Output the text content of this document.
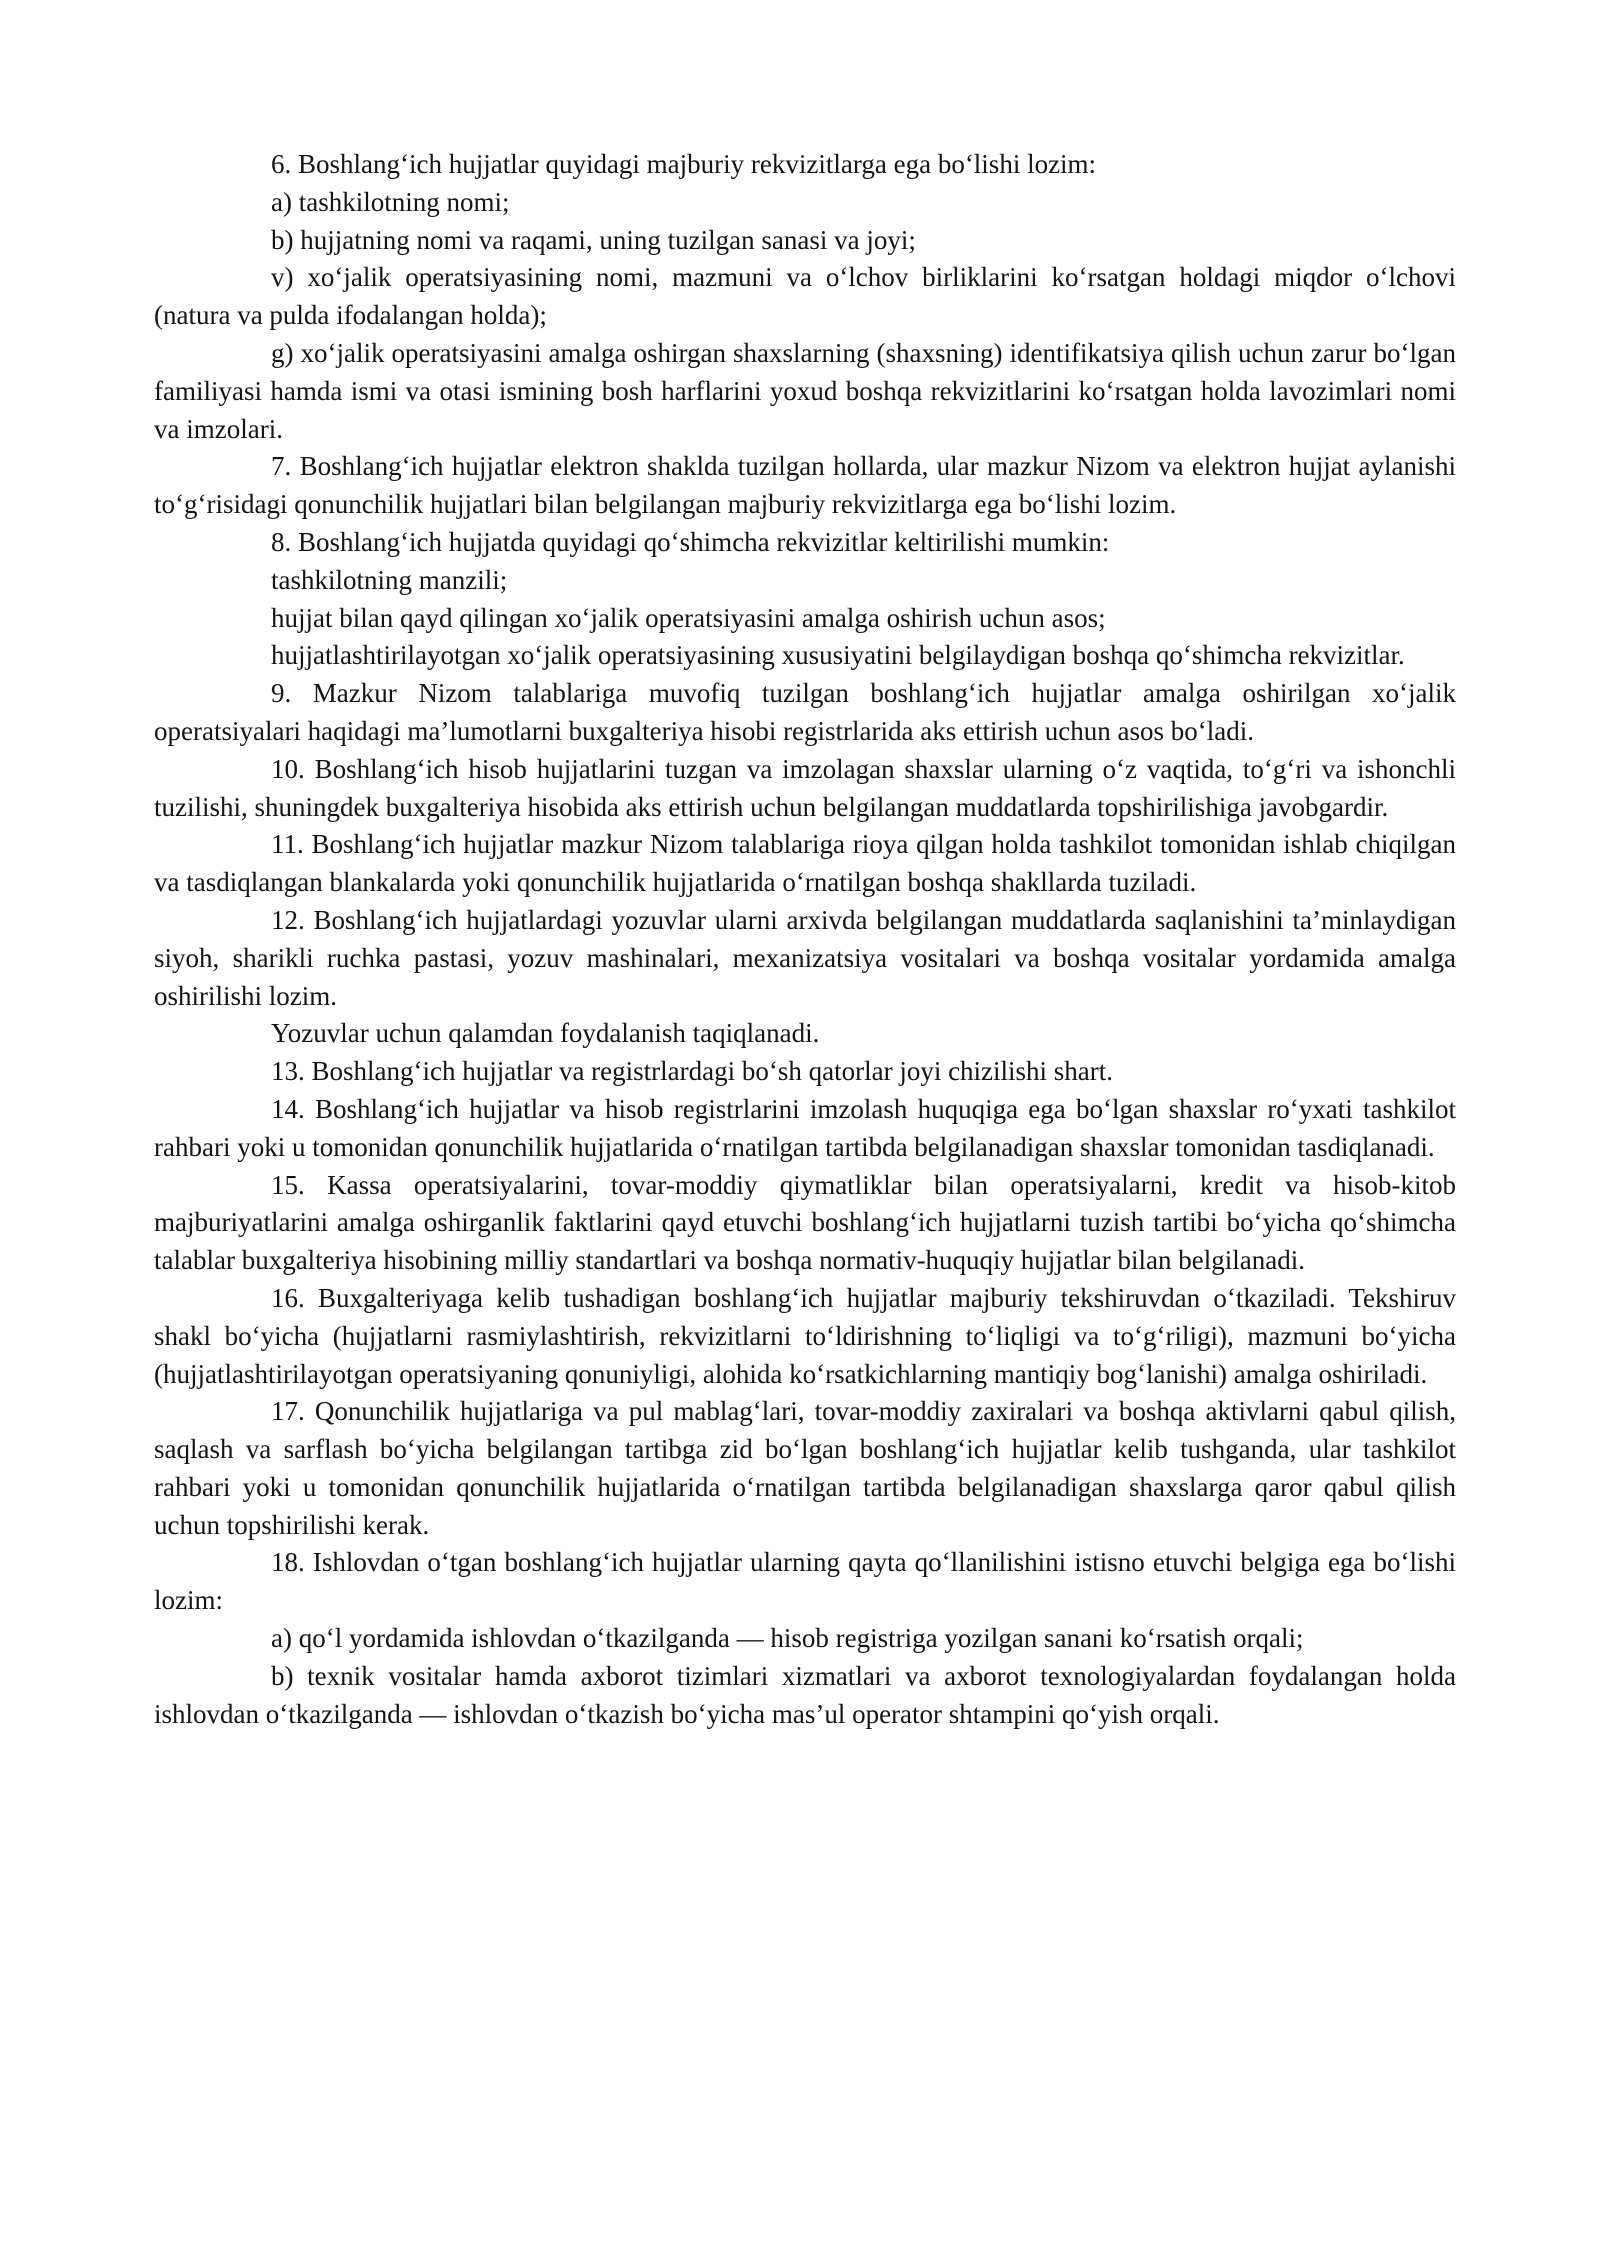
6. Boshlang‘ich hujjatlar quyidagi majburiy rekvizitlarga ega bo‘lishi lozim:

a) tashkilotning nomi;

b) hujjatning nomi va raqami, uning tuzilgan sanasi va joyi;

v) xo‘jalik operatsiyasining nomi, mazmuni va o‘lchov birliklarini ko‘rsatgan holdagi miqdor o‘lchovi (natura va pulda ifodalangan holda);

g) xo‘jalik operatsiyasini amalga oshirgan shaxslarning (shaxsning) identifikatsiya qilish uchun zarur bo‘lgan familiyasi hamda ismi va otasi ismining bosh harflarini yoxud boshqa rekvizitlarini ko‘rsatgan holda lavozimlari nomi va imzolari.

7. Boshlang‘ich hujjatlar elektron shaklda tuzilgan hollarda, ular mazkur Nizom va elektron hujjat aylanishi to‘g‘risidagi qonunchilik hujjatlari bilan belgilangan majburiy rekvizitlarga ega bo‘lishi lozim.

8. Boshlang‘ich hujjatda quyidagi qo‘shimcha rekvizitlar keltirilishi mumkin:

tashkilotning manzili;

hujjat bilan qayd qilingan xo‘jalik operatsiyasini amalga oshirish uchun asos;

hujjatlashtirilayotgan xo‘jalik operatsiyasining xususiyatini belgilaydigan boshqa qo‘shimcha rekvizitlar.

9. Mazkur Nizom talablariga muvofiq tuzilgan boshlang‘ich hujjatlar amalga oshirilgan xo‘jalik operatsiyalari haqidagi ma’lumotlarni buxgalteriya hisobi registrlarida aks ettirish uchun asos bo‘ladi.

10. Boshlang‘ich hisob hujjatlarini tuzgan va imzolagan shaxslar ularning o‘z vaqtida, to‘g‘ri va ishonchli tuzilishi, shuningdek buxgalteriya hisobida aks ettirish uchun belgilangan muddatlarda topshirilishiga javobgardir.

11. Boshlang‘ich hujjatlar mazkur Nizom talablariga rioya qilgan holda tashkilot tomonidan ishlab chiqilgan va tasdiqlangan blankalarda yoki qonunchilik hujjatlarida o‘rnatilgan boshqa shakllarda tuziladi.

12. Boshlang‘ich hujjatlardagi yozuvlar ularni arxivda belgilangan muddatlarda saqlanishini ta’minlaydigan siyoh, sharikli ruchka pastasi, yozuv mashinalari, mexanizatsiya vositalari va boshqa vositalar yordamida amalga oshirilishi lozim.

Yozuvlar uchun qalamdan foydalanish taqiqlanadi.

13. Boshlang‘ich hujjatlar va registrlardagi bo‘sh qatorlar joyi chizilishi shart.

14. Boshlang‘ich hujjatlar va hisob registrlarini imzolash huquqiga ega bo‘lgan shaxslar ro‘yxati tashkilot rahbari yoki u tomonidan qonunchilik hujjatlarida o‘rnatilgan tartibda belgilanadigan shaxslar tomonidan tasdiqlanadi.

15. Kassa operatsiyalarini, tovar-moddiy qiymatliklar bilan operatsiyalarni, kredit va hisob-kitob majburiyatlarini amalga oshirganlik faktlarini qayd etuvchi boshlang‘ich hujjatlarni tuzish tartibi bo‘yicha qo‘shimcha talablar buxgalteriya hisobining milliy standartlari va boshqa normativ-huquqiy hujjatlar bilan belgilanadi.

16. Buxgalteriyaga kelib tushadigan boshlang‘ich hujjatlar majburiy tekshiruvdan o‘tkaziladi. Tekshiruv shakl bo‘yicha (hujjatlarni rasmiylashtirish, rekvizitlarni to‘ldirishning to‘liqligi va to‘g‘riligi), mazmuni bo‘yicha (hujjatlashtirilayotgan operatsiyaning qonuniyligi, alohida ko‘rsatkichlarning mantiqiy bog‘lanishi) amalga oshiriladi.

17. Qonunchilik hujjatlariga va pul mablag‘lari, tovar-moddiy zaxiralari va boshqa aktivlarni qabul qilish, saqlash va sarflash bo‘yicha belgilangan tartibga zid bo‘lgan boshlang‘ich hujjatlar kelib tushganda, ular tashkilot rahbari yoki u tomonidan qonunchilik hujjatlarida o‘rnatilgan tartibda belgilanadigan shaxslarga qaror qabul qilish uchun topshirilishi kerak.

18. Ishlovdan o‘tgan boshlang‘ich hujjatlar ularning qayta qo‘llanilishini istisno etuvchi belgiga ega bo‘lishi lozim:

a) qo‘l yordamida ishlovdan o‘tkazilganda — hisob registriga yozilgan sanani ko‘rsatish orqali;

b) texnik vositalar hamda axborot tizimlari xizmatlari va axborot texnologiyalardan foydalangan holda ishlovdan o‘tkazilganda — ishlovdan o‘tkazish bo‘yicha mas’ul operator shtampini qo‘yish orqali.
